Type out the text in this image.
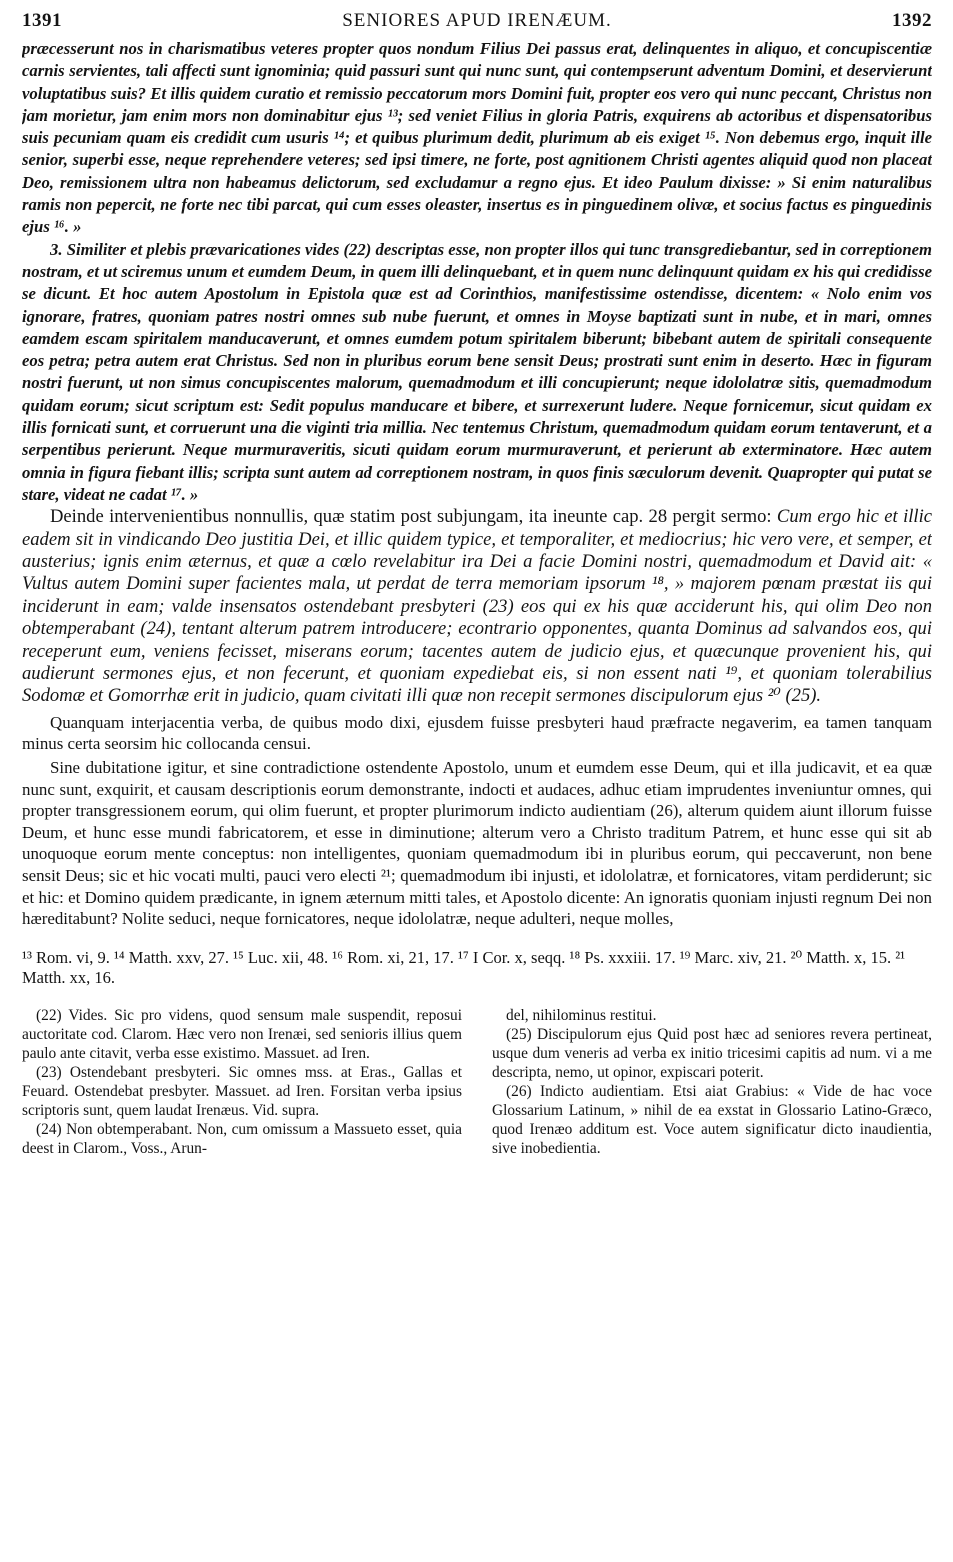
1391	SENIORES APUD IRENÆUM.	1392

præcesserunt nos in charismatibus veteres propter quos nondum Filius Dei passus erat, delinquentes in aliquo, et concupiscentiæ carnis servientes, tali affecti sunt ignominia; quid passuri sunt qui nunc sunt, qui contempserunt adventum Domini, et deservierunt voluptatibus suis? Et illis quidem curatio et remissio peccatorum mors Domini fuit, propter eos vero qui nunc peccant, Christus non jam morietur, jam enim mors non dominabitur ejus ¹³; sed veniet Filius in gloria Patris, exquirens ab actoribus et dispensatoribus suis pecuniam quam eis credidit cum usuris ¹⁴; et quibus plurimum dedit, plurimum ab eis exiget ¹⁵. Non debemus ergo, inquit ille senior, superbi esse, neque reprehendere veteres; sed ipsi timere, ne forte, post agnitionem Christi agentes aliquid quod non placeat Deo, remissionem ultra non habeamus delictorum, sed excludamur a regno ejus. Et ideo Paulum dixisse: » Si enim naturalibus ramis non pepercit, ne forte nec tibi parcat, qui cum esses oleaster, insertus es in pinguedinem olivæ, et socius factus es pinguedinis ejus ¹⁶. »

3. Similiter et plebis prævaricationes vides (22) descriptas esse, non propter illos qui tunc transgrediebantur, sed in correptionem nostram, et ut sciremus unum et eumdem Deum, in quem illi delinquebant, et in quem nunc delinquunt quidam ex his qui credidisse se dicunt. Et hoc autem Apostolum in Epistola quæ est ad Corinthios, manifestissime ostendisse, dicentem: « Nolo enim vos ignorare, fratres, quoniam patres nostri omnes sub nube fuerunt, et omnes in Moyse baptizati sunt in nube, et in mari, omnes eamdem escam spiritalem manducaverunt, et omnes eumdem potum spiritalem biberunt; bibebant autem de spiritali consequente eos petra; petra autem erat Christus. Sed non in pluribus eorum bene sensit Deus; prostrati sunt enim in deserto. Hæc in figuram nostri fuerunt, ut non simus concupiscentes malorum, quemadmodum et illi concupierunt; neque idololatræ sitis, quemadmodum quidam eorum; sicut scriptum est: Sedit populus manducare et bibere, et surrexerunt ludere. Neque fornicemur, sicut quidam ex illis fornicati sunt, et corruerunt una die viginti tria millia. Nec tentemus Christum, quemadmodum quidam eorum tentaverunt, et a serpentibus perierunt. Neque murmuraveritis, sicuti quidam eorum murmuraverunt, et perierunt ab exterminatore. Hæc autem omnia in figura fiebant illis; scripta sunt autem ad correptionem nostram, in quos finis sæculorum devenit. Quapropter qui putat se stare, videat ne cadat ¹⁷. »

Deinde intervenientibus nonnullis, quæ statim post subjungam, ita ineunte cap. 28 pergit sermo: Cum ergo hic et illic eadem sit in vindicando Deo justitia Dei, et illic quidem typice, et temporaliter, et mediocrius; hic vero vere, et semper, et austerius; ignis enim æternus, et quæ a cœlo revelabitur ira Dei a facie Domini nostri, quemadmodum et David ait: « Vultus autem Domini super facientes mala, ut perdat de terra memoriam ipsorum ¹⁸, » majorem pœnam præstat iis qui inciderunt in eam; valde insensatos ostendebant presbyteri (23) eos qui ex his quæ acciderunt his, qui olim Deo non obtemperabant (24), tentant alterum patrem introducere; econtrario opponentes, quanta Dominus ad salvandos eos, qui receperunt eum, veniens fecisset, miserans eorum; tacentes autem de judicio ejus, et quæcunque provenient his, qui audierunt sermones ejus, et non fecerunt, et quoniam expediebat eis, si non essent nati ¹⁹, et quoniam tolerabilius Sodomæ et Gomorrhæ erit in judicio, quam civitati illi quæ non recepit sermones discipulorum ejus ²⁰ (25).

Quanquam interjacentia verba, de quibus modo dixi, ejusdem fuisse presbyteri haud præfracte negaverim, ea tamen tanquam minus certa seorsim hic collocanda censui.

Sine dubitatione igitur, et sine contradictione ostendente Apostolo, unum et eumdem esse Deum, qui et illa judicavit, et ea quæ nunc sunt, exquirit, et causam descriptionis eorum demonstrante, indocti et audaces, adhuc etiam imprudentes inveniuntur omnes, qui propter transgressionem eorum, qui olim fuerunt, et propter plurimorum indicto audientiam (26), alterum quidem aiunt illorum fuisse Deum, et hunc esse mundi fabricatorem, et esse in diminutione; alterum vero a Christo traditum Patrem, et hunc esse qui sit ab unoquoque eorum mente conceptus: non intelligentes, quoniam quemadmodum ibi in pluribus eorum, qui peccaverunt, non bene sensit Deus; sic et hic vocati multi, pauci vero electi ²¹; quemadmodum ibi injusti, et idololatræ, et fornicatores, vitam perdiderunt; sic et hic: et Domino quidem prædicante, in ignem æternum mitti tales, et Apostolo dicente: An ignoratis quoniam injusti regnum Dei non hæreditabunt? Nolite seduci, neque fornicatores, neque idololatræ, neque adulteri, neque molles,

¹³ Rom. vi, 9. ¹⁴ Matth. xxv, 27. ¹⁵ Luc. xii, 48. ¹⁶ Rom. xi, 21, 17. ¹⁷ I Cor. x, seqq. ¹⁸ Ps. xxxiii. 17. ¹⁹ Marc. xiv, 21. ²⁰ Matth. x, 15. ²¹ Matth. xx, 16.

(22) Vides. Sic pro videns, quod sensum male suspendit, reposui auctoritate cod. Clarom. Hæc vero non Irenæi, sed senioris illius quem paulo ante citavit, verba esse existimo. Massuet. ad Iren.

(23) Ostendebant presbyteri. Sic omnes mss. at Eras., Gallas et Feuard. Ostendebat presbyter. Massuet. ad Iren. Forsitan verba ipsius scriptoris sunt, quem laudat Irenæus. Vid. supra.

(24) Non obtemperabant. Non, cum omissum a Massueto esset, quia deest in Clarom., Voss., Arun-

del, nihilominus restitui.

(25) Discipulorum ejus Quid post hæc ad seniores revera pertineat, usque dum veneris ad verba ex initio tricesimi capitis ad num. vi a me descripta, nemo, ut opinor, expiscari poterit.

(26) Indicto audientiam. Etsi aiat Grabius: « Vide de hac voce Glossarium Latinum, » nihil de ea exstat in Glossario Latino-Græco, quod Irenæo additum est. Voce autem significatur dicto inaudientia, sive inobedientia.
